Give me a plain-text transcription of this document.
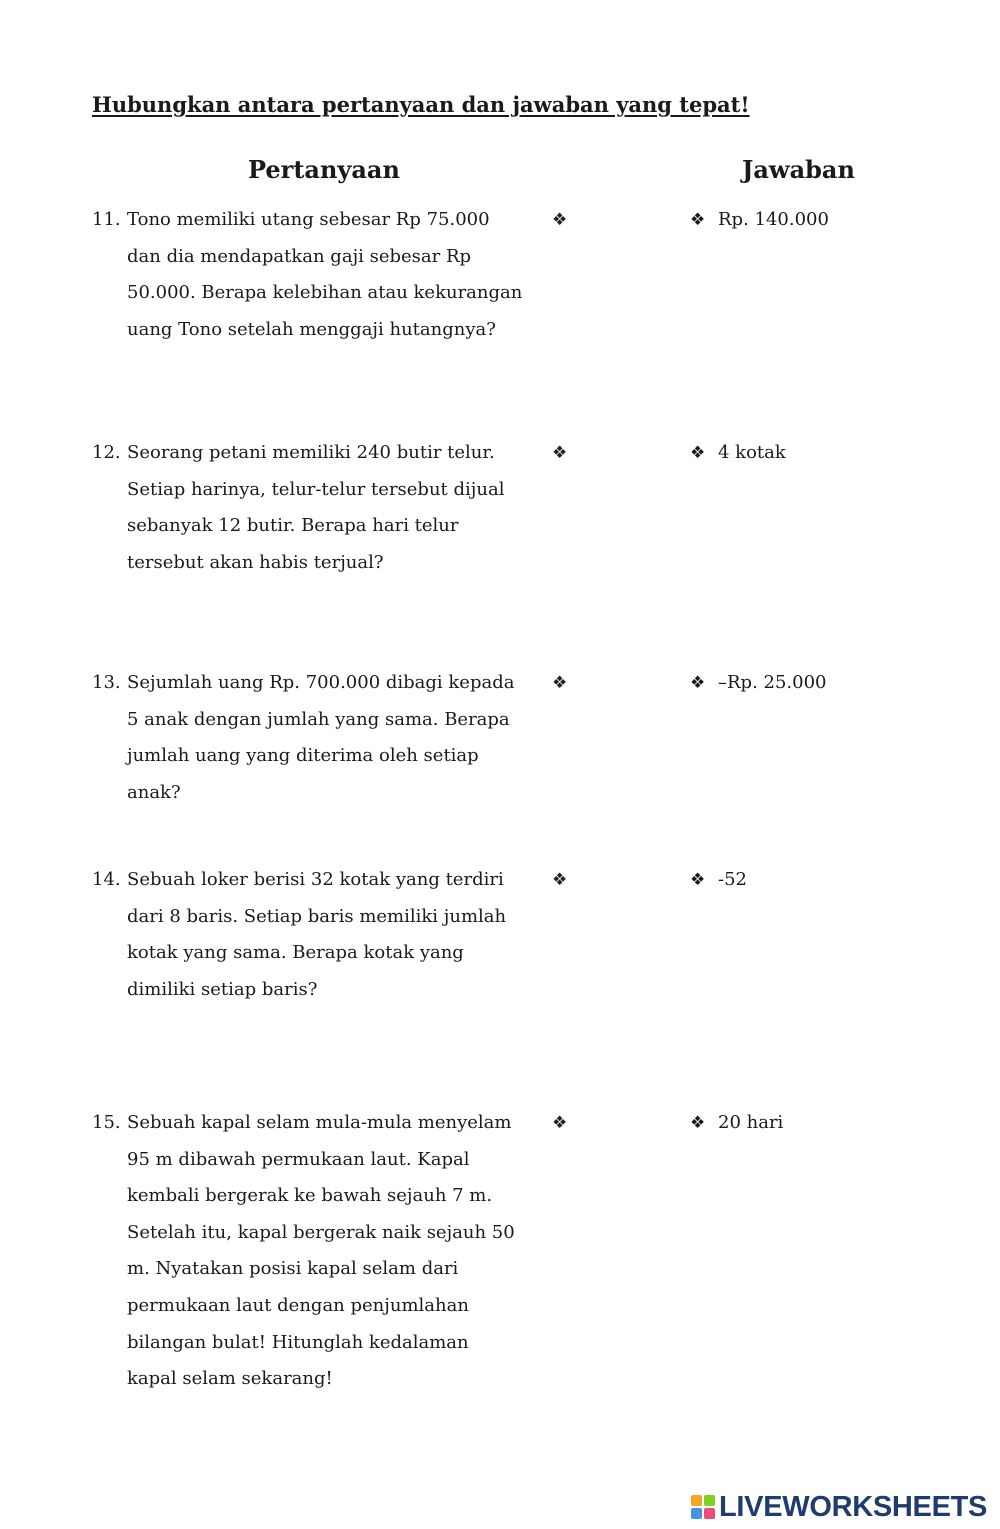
Hubungkan antara pertanyaan dan jawaban yang tepat!
Pertanyaan	Jawaban
11. Tono memiliki utang sebesar Rp 75.000
dan dia mendapatkan gaji sebesar Rp
50.000. Berapa kelebihan atau kekurangan
uang Tono setelah menggaji hutangnya?
❖	❖ Rp. 140.000
12. Seorang petani memiliki 240 butir telur.
Setiap harinya, telur-telur tersebut dijual
sebanyak 12 butir. Berapa hari telur
tersebut akan habis terjual?
❖	❖ 4 kotak
13. Sejumlah uang Rp. 700.000 dibagi kepada
5 anak dengan jumlah yang sama. Berapa
jumlah uang yang diterima oleh setiap
anak?
❖	❖ –Rp. 25.000
14. Sebuah loker berisi 32 kotak yang terdiri
dari 8 baris. Setiap baris memiliki jumlah
kotak yang sama. Berapa kotak yang
dimiliki setiap baris?
❖	❖ -52
15. Sebuah kapal selam mula-mula menyelam
95 m dibawah permukaan laut. Kapal
kembali bergerak ke bawah sejauh 7 m.
Setelah itu, kapal bergerak naik sejauh 50
m. Nyatakan posisi kapal selam dari
permukaan laut dengan penjumlahan
bilangan bulat! Hitunglah kedalaman
kapal selam sekarang!
❖	❖ 20 hari
LIVEWORKSHEETS
